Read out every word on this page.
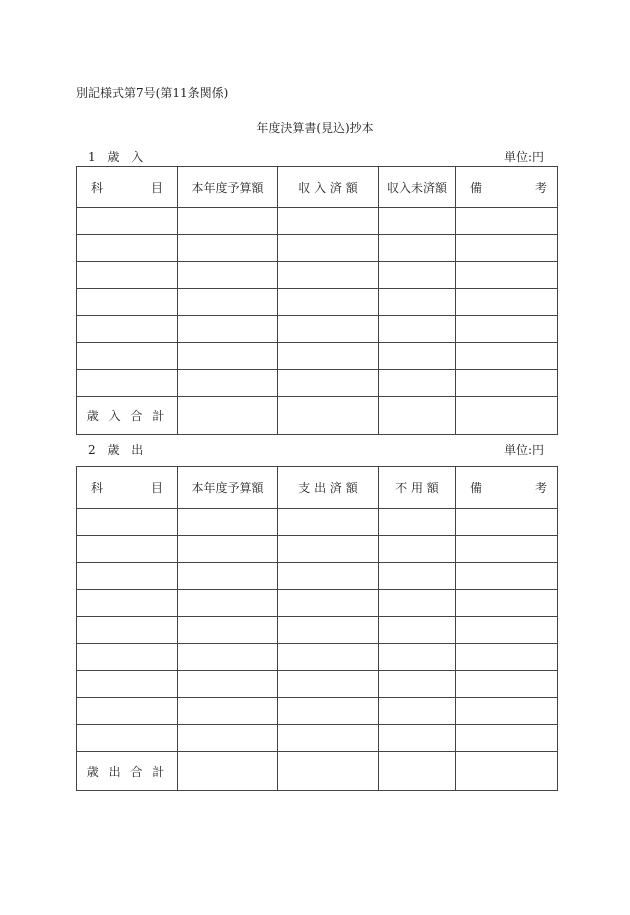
別記様式第7号(第11条関係)
年度決算書(見込)抄本
1 歳 入	単位:円
科 目	本年度予算額	収 入 済 額	収入未済額	備 考

歳 入 合 計				
2 歳 出	単位:円
科 目	本年度予算額	支 出 済 額	不 用 額	備 考

歳 出 合 計				
